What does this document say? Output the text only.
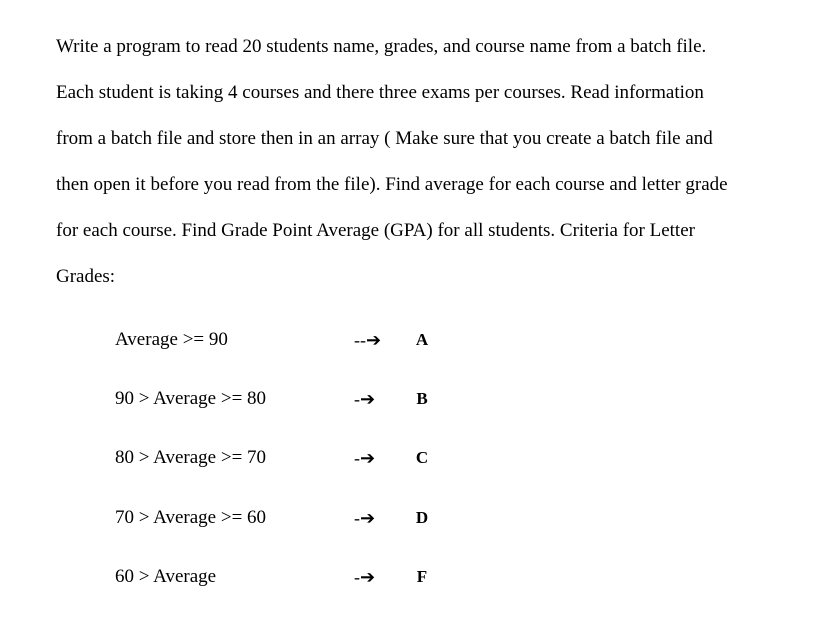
Write a program to read 20 students name, grades, and course name from a batch file.
Each student is taking 4 courses and there three exams per courses. Read information
from a batch file and store then in an array ( Make sure that you create a batch file and
then open it before you read from the file). Find average for each course and letter grade
for each course. Find Grade Point Average (GPA) for all students. Criteria for Letter
Grades:
Average >= 90	--➔ A
90 > Average >= 80	-➔ B
80 > Average >= 70	-➔ C
70 > Average >= 60	-➔ D
60 > Average	-➔ F
